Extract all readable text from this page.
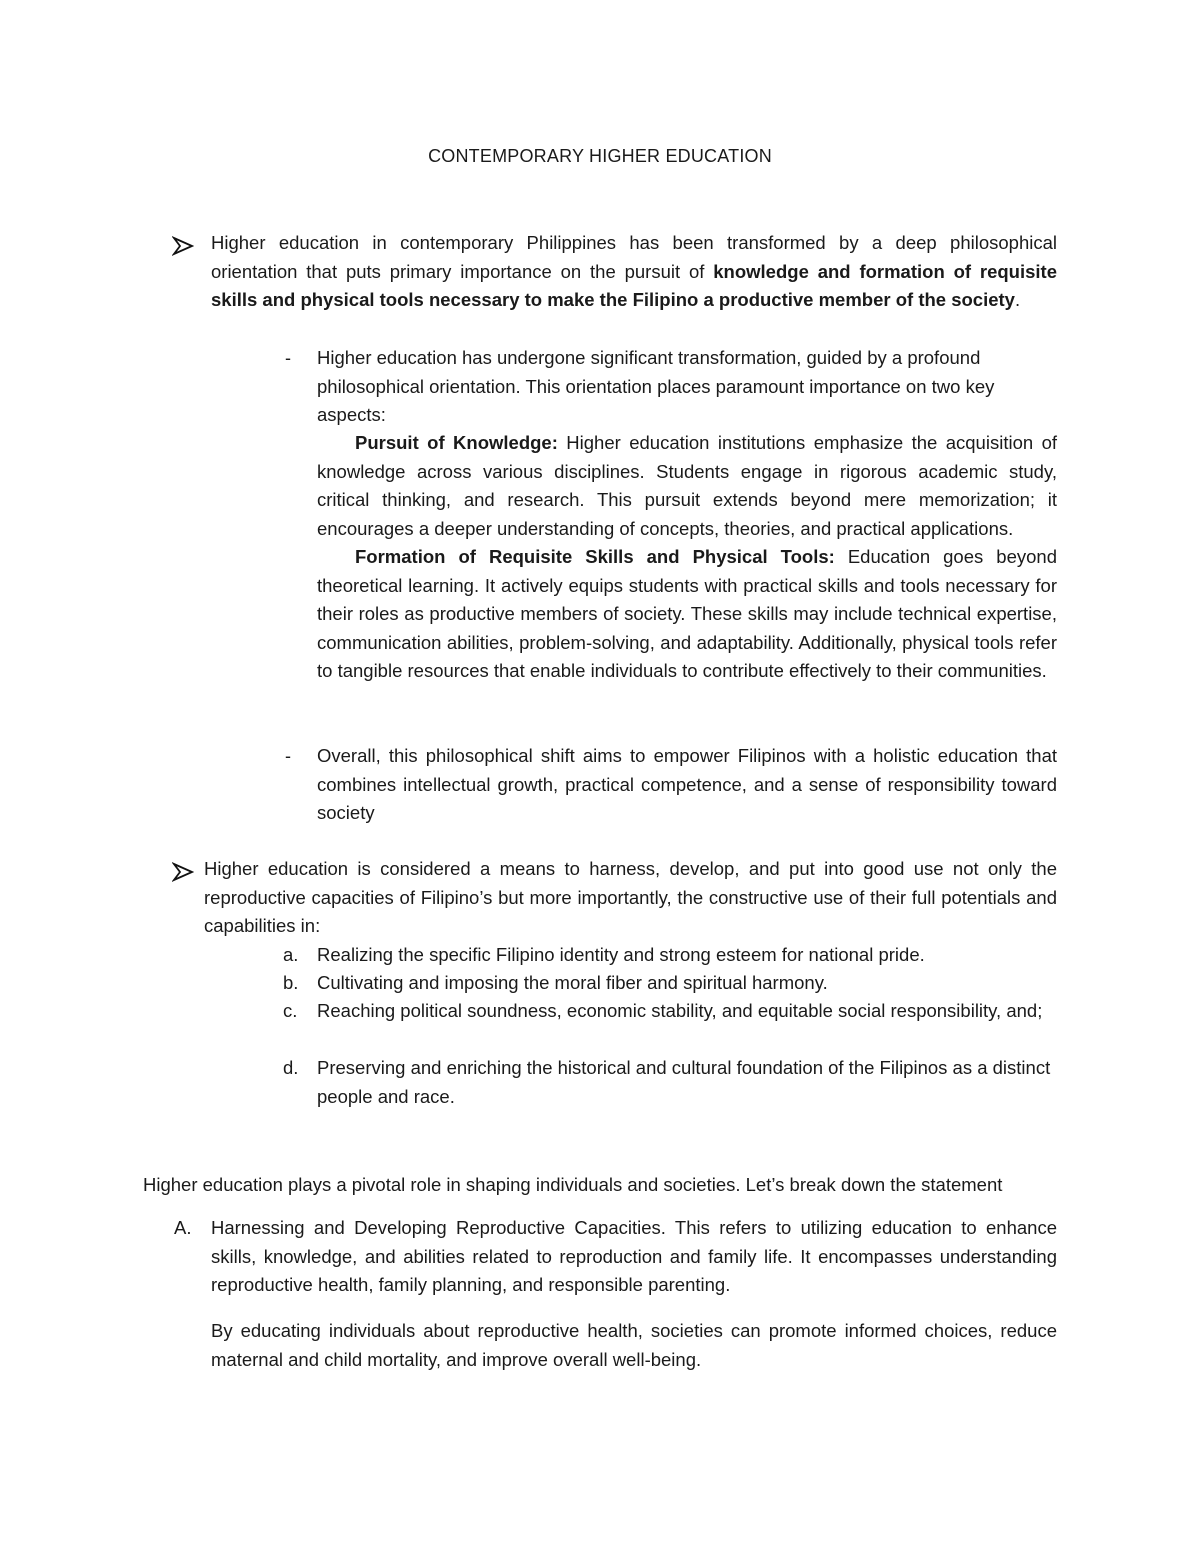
CONTEMPORARY HIGHER EDUCATION
Higher education in contemporary Philippines has been transformed by a deep philosophical orientation that puts primary importance on the pursuit of knowledge and formation of requisite skills and physical tools necessary to make the Filipino a productive member of the society.
- Higher education has undergone significant transformation, guided by a profound philosophical orientation. This orientation places paramount importance on two key aspects:

Pursuit of Knowledge: Higher education institutions emphasize the acquisition of knowledge across various disciplines. Students engage in rigorous academic study, critical thinking, and research. This pursuit extends beyond mere memorization; it encourages a deeper understanding of concepts, theories, and practical applications.

Formation of Requisite Skills and Physical Tools: Education goes beyond theoretical learning. It actively equips students with practical skills and tools necessary for their roles as productive members of society. These skills may include technical expertise, communication abilities, problem-solving, and adaptability. Additionally, physical tools refer to tangible resources that enable individuals to contribute effectively to their communities.

- Overall, this philosophical shift aims to empower Filipinos with a holistic education that combines intellectual growth, practical competence, and a sense of responsibility toward society

Higher education is considered a means to harness, develop, and put into good use not only the reproductive capacities of Filipino’s but more importantly, the constructive use of their full potentials and capabilities in:

a. Realizing the specific Filipino identity and strong esteem for national pride.

b. Cultivating and imposing the moral fiber and spiritual harmony.

c. Reaching political soundness, economic stability, and equitable social responsibility, and;

d. Preserving and enriching the historical and cultural foundation of the Filipinos as a distinct people and race.

Higher education plays a pivotal role in shaping individuals and societies. Let’s break down the statement

A. Harnessing and Developing Reproductive Capacities. This refers to utilizing education to enhance skills, knowledge, and abilities related to reproduction and family life. It encompasses understanding reproductive health, family planning, and responsible parenting.

By educating individuals about reproductive health, societies can promote informed choices, reduce maternal and child mortality, and improve overall well-being.
